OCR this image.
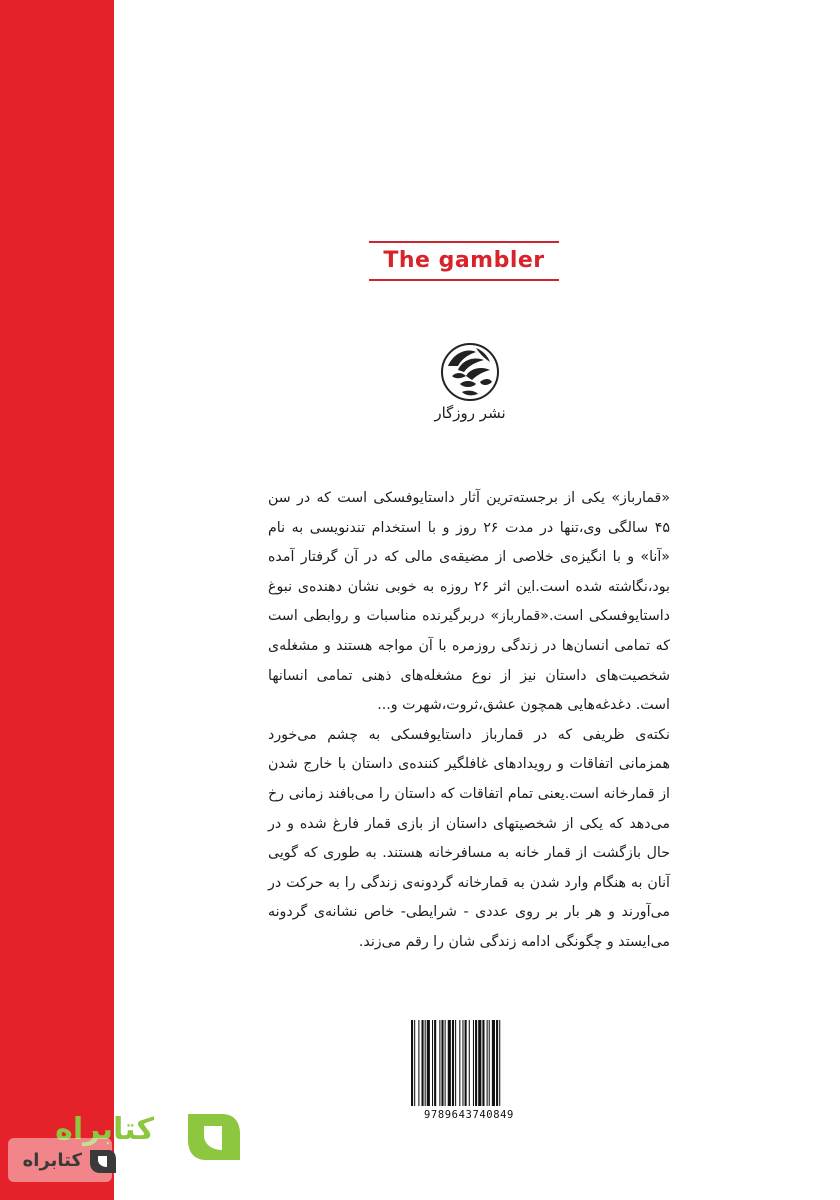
The gambler
نشر روزگار

«قمارباز» یکی از برجسته‌ترین آثار داستایوفسکی است که در سن ۴۵ سالگی وی،تنها در مدت ۲۶ روز و با استخدام تندنویسی به نام «آنا» و با انگیزه‌ی خلاصی از مضیقه‌ی مالی که در آن گرفتار آمده بود،نگاشته شده است.این اثر ۲۶ روزه به خوبی نشان دهنده‌ی نبوغ داستایوفسکی است.«قمارباز» دربرگیرنده مناسبات و روابطی است که تمامی انسان‌ها در زندگی روزمره با آن مواجه هستند و مشغله‌ی شخصیت‌های داستان نیز از نوع مشغله‌های ذهنی تمامی انسانها است. دغدغه‌هایی همچون عشق،ثروت،شهرت و...

نکته‌ی ظریفی که در قمارباز داستایوفسکی به چشم می‌خورد همزمانی اتفاقات و رویدادهای غافلگیر کننده‌ی داستان با خارج شدن از قمارخانه است.یعنی تمام اتفاقات که داستان را می‌بافند زمانی رخ می‌دهد که یکی از شخصیتهای داستان از بازی قمار فارغ شده و در حال بازگشت از قمار خانه به مسافرخانه هستند. به طوری که گویی آنان به هنگام وارد شدن به قمارخانه گردونه‌ی زندگی را به حرکت در می‌آورند و هر بار بر روی عددی - شرایطی- خاص نشانه‌ی گردونه می‌ایستد و چگونگی ادامه زندگی شان را رقم می‌زند.

9789643740849
کتابراه
کتابراه
